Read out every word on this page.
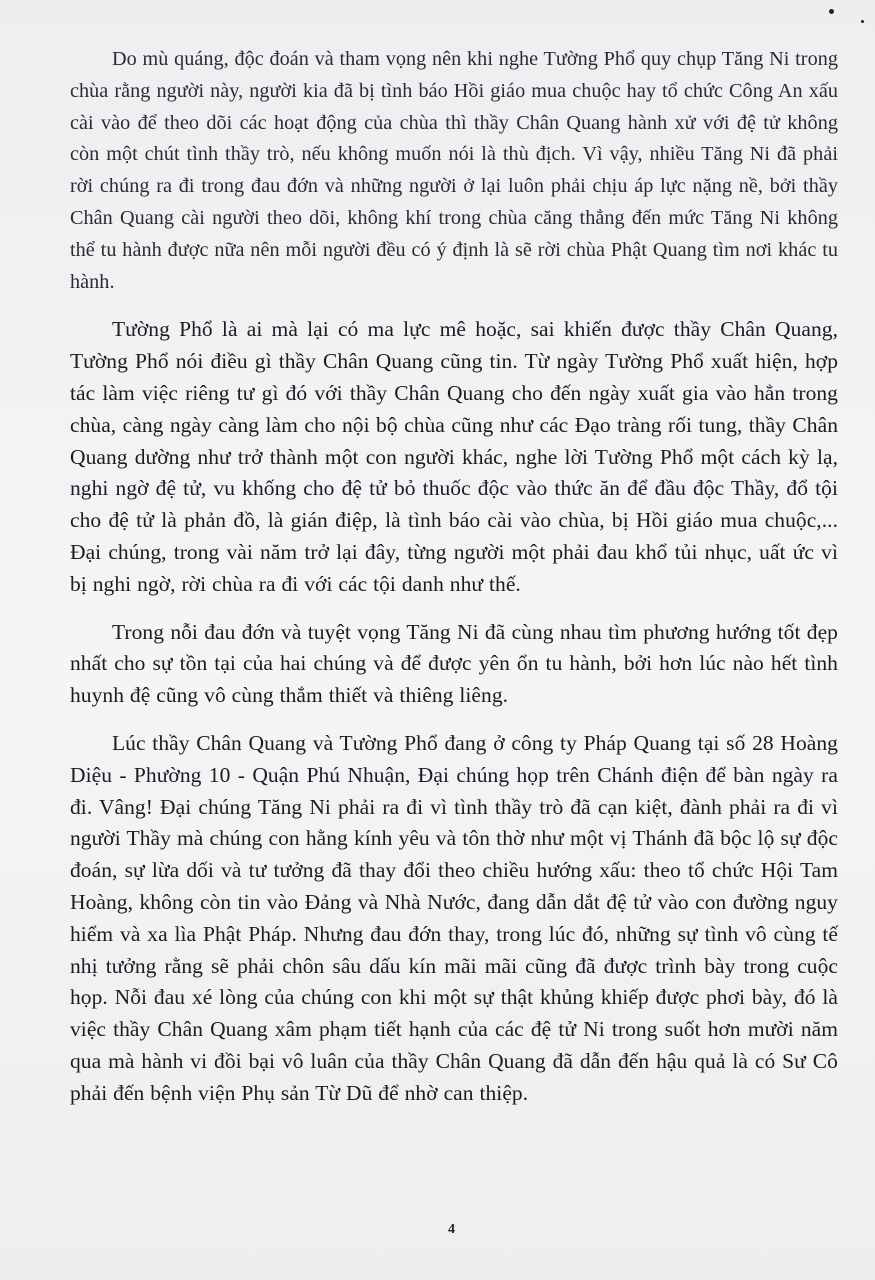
Do mù quáng, độc đoán và tham vọng nên khi nghe Tường Phổ quy chụp Tăng Ni trong chùa rằng người này, người kia đã bị tình báo Hồi giáo mua chuộc hay tổ chức Công An xấu cài vào để theo dõi các hoạt động của chùa thì thầy Chân Quang hành xử với đệ tử không còn một chút tình thầy trò, nếu không muốn nói là thù địch. Vì vậy, nhiều Tăng Ni đã phải rời chúng ra đi trong đau đớn và những người ở lại luôn phải chịu áp lực nặng nề, bởi thầy Chân Quang cài người theo dõi, không khí trong chùa căng thẳng đến mức Tăng Ni không thể tu hành được nữa nên mỗi người đều có ý định là sẽ rời chùa Phật Quang tìm nơi khác tu hành.

Tường Phổ là ai mà lại có ma lực mê hoặc, sai khiến được thầy Chân Quang, Tường Phổ nói điều gì thầy Chân Quang cũng tin. Từ ngày Tường Phổ xuất hiện, hợp tác làm việc riêng tư gì đó với thầy Chân Quang cho đến ngày xuất gia vào hẳn trong chùa, càng ngày càng làm cho nội bộ chùa cũng như các Đạo tràng rối tung, thầy Chân Quang dường như trở thành một con người khác, nghe lời Tường Phổ một cách kỳ lạ, nghi ngờ đệ tử, vu khống cho đệ tử bỏ thuốc độc vào thức ăn để đầu độc Thầy, đổ tội cho đệ tử là phản đồ, là gián điệp, là tình báo cài vào chùa, bị Hồi giáo mua chuộc,... Đại chúng, trong vài năm trở lại đây, từng người một phải đau khổ tủi nhục, uất ức vì bị nghi ngờ, rời chùa ra đi với các tội danh như thế.

Trong nỗi đau đớn và tuyệt vọng Tăng Ni đã cùng nhau tìm phương hướng tốt đẹp nhất cho sự tồn tại của hai chúng và để được yên ổn tu hành, bởi hơn lúc nào hết tình huynh đệ cũng vô cùng thắm thiết và thiêng liêng.

Lúc thầy Chân Quang và Tường Phổ đang ở công ty Pháp Quang tại số 28 Hoàng Diệu - Phường 10 - Quận Phú Nhuận, Đại chúng họp trên Chánh điện để bàn ngày ra đi. Vâng! Đại chúng Tăng Ni phải ra đi vì tình thầy trò đã cạn kiệt, đành phải ra đi vì người Thầy mà chúng con hằng kính yêu và tôn thờ như một vị Thánh đã bộc lộ sự độc đoán, sự lừa dối và tư tưởng đã thay đổi theo chiều hướng xấu: theo tổ chức Hội Tam Hoàng, không còn tin vào Đảng và Nhà Nước, đang dẫn dắt đệ tử vào con đường nguy hiểm và xa lìa Phật Pháp. Nhưng đau đớn thay, trong lúc đó, những sự tình vô cùng tế nhị tưởng rằng sẽ phải chôn sâu dấu kín mãi mãi cũng đã được trình bày trong cuộc họp. Nỗi đau xé lòng của chúng con khi một sự thật khủng khiếp được phơi bày, đó là việc thầy Chân Quang xâm phạm tiết hạnh của các đệ tử Ni trong suốt hơn mười năm qua mà hành vi đồi bại vô luân của thầy Chân Quang đã dẫn đến hậu quả là có Sư Cô phải đến bệnh viện Phụ sản Từ Dũ để nhờ can thiệp.

4
